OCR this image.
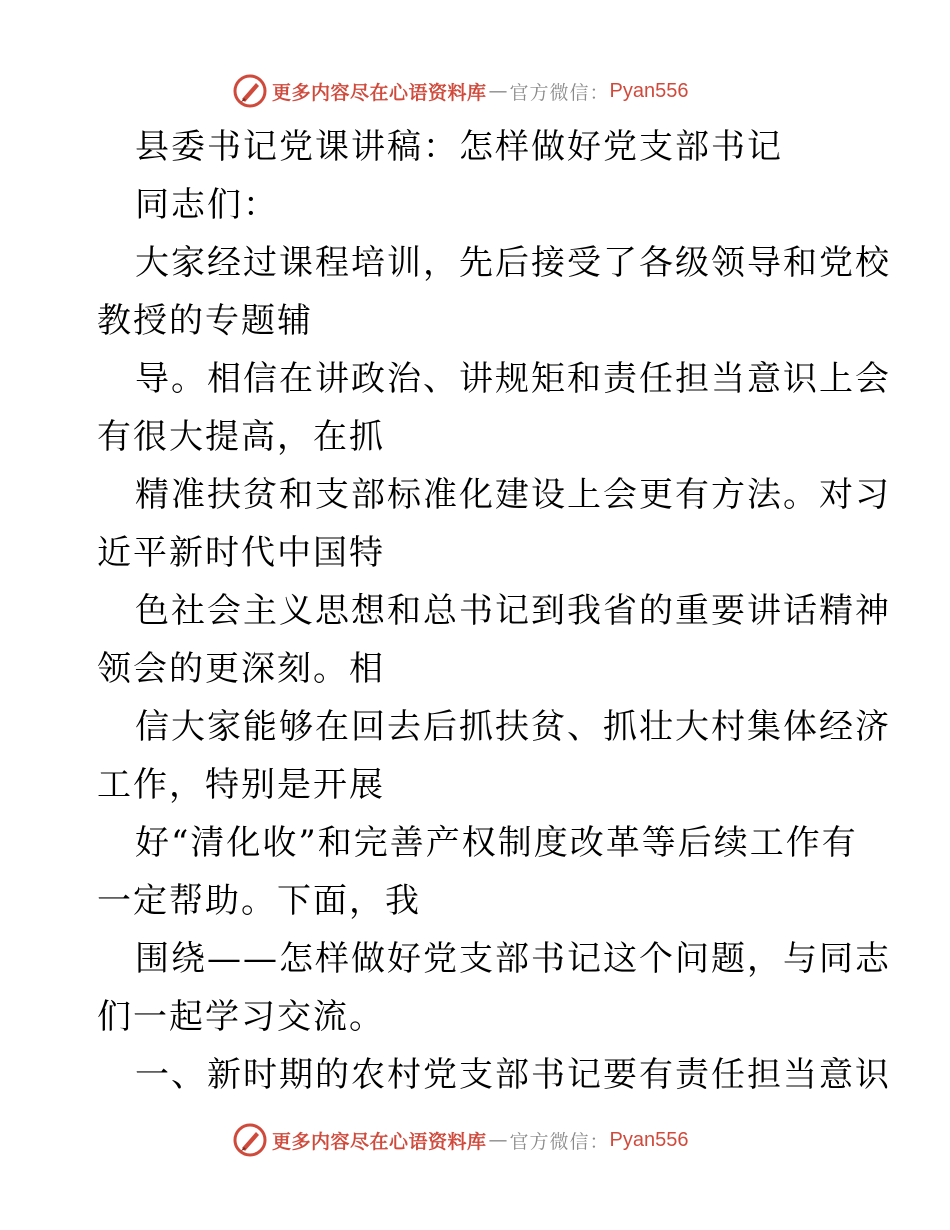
更多内容尽在心语资料库 — 官方微信： Pyan556
县委书记党课讲稿：怎样做好党支部书记
同志们：
大家经过课程培训，先后接受了各级领导和党校
教授的专题辅
导。相信在讲政治、讲规矩和责任担当意识上会
有很大提高，在抓
精准扶贫和支部标准化建设上会更有方法。对习
近平新时代中国特
色社会主义思想和总书记到我省的重要讲话精神
领会的更深刻。相
信大家能够在回去后抓扶贫、抓壮大村集体经济
工作，特别是开展
好“清化收”和完善产权制度改革等后续工作有
一定帮助。下面，我
围绕——怎样做好党支部书记这个问题，与同志
们一起学习交流。
一、新时期的农村党支部书记要有责任担当意识
更多内容尽在心语资料库 — 官方微信： Pyan556
